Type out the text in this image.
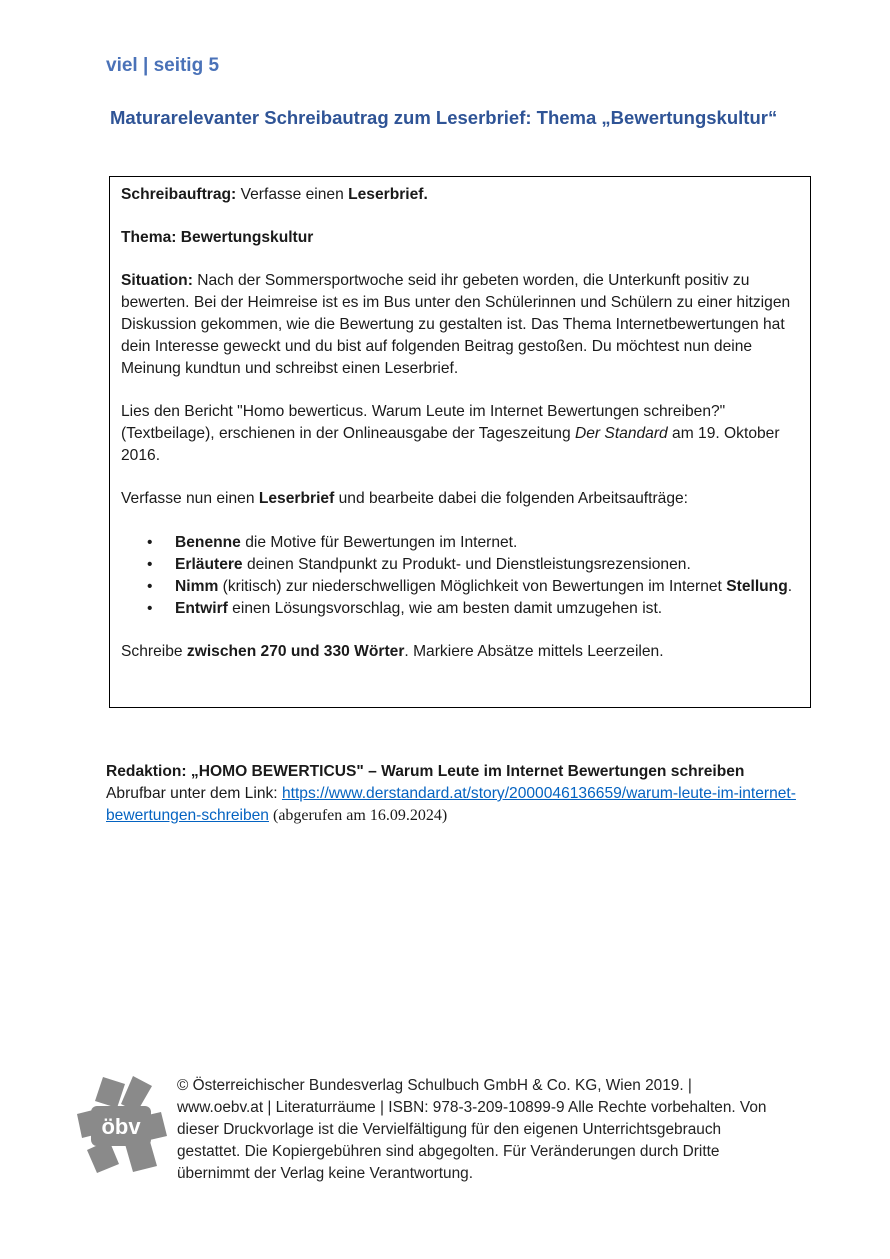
viel | seitig 5
Maturarelevanter Schreibautrag zum Leserbrief: Thema „Bewertungskultur“

Schreibauftrag: Verfasse einen Leserbrief.

Thema: Bewertungskultur

Situation: Nach der Sommersportwoche seid ihr gebeten worden, die Unterkunft positiv zu bewerten. Bei der Heimreise ist es im Bus unter den Schülerinnen und Schülern zu einer hitzigen Diskussion gekommen, wie die Bewertung zu gestalten ist. Das Thema Internetbewertungen hat dein Interesse geweckt und du bist auf folgenden Beitrag gestoßen. Du möchtest nun deine Meinung kundtun und schreibst einen Leserbrief.

Lies den Bericht "Homo bewerticus. Warum Leute im Internet Bewertungen schreiben?" (Textbeilage), erschienen in der Onlineausgabe der Tageszeitung Der Standard am 19. Oktober 2016.

Verfasse nun einen Leserbrief und bearbeite dabei die folgenden Arbeitsaufträge:

• Benenne die Motive für Bewertungen im Internet.
• Erläutere deinen Standpunkt zu Produkt- und Dienstleistungsrezensionen.
• Nimm (kritisch) zur niederschwelligen Möglichkeit von Bewertungen im Internet Stellung.
• Entwirf einen Lösungsvorschlag, wie am besten damit umzugehen ist.

Schreibe zwischen 270 und 330 Wörter. Markiere Absätze mittels Leerzeilen.

Redaktion: „HOMO BEWERTICUS" – Warum Leute im Internet Bewertungen schreiben
Abrufbar unter dem Link: https://www.derstandard.at/story/2000046136659/warum-leute-im-internet-bewertungen-schreiben (abgerufen am 16.09.2024)
öbv

© Österreichischer Bundesverlag Schulbuch GmbH & Co. KG, Wien 2019. | www.oebv.at | Literaturräume | ISBN: 978-3-209-10899-9 Alle Rechte vorbehalten. Von dieser Druckvorlage ist die Vervielfältigung für den eigenen Unterrichtsgebrauch gestattet. Die Kopiergebühren sind abgegolten. Für Veränderungen durch Dritte übernimmt der Verlag keine Verantwortung.
